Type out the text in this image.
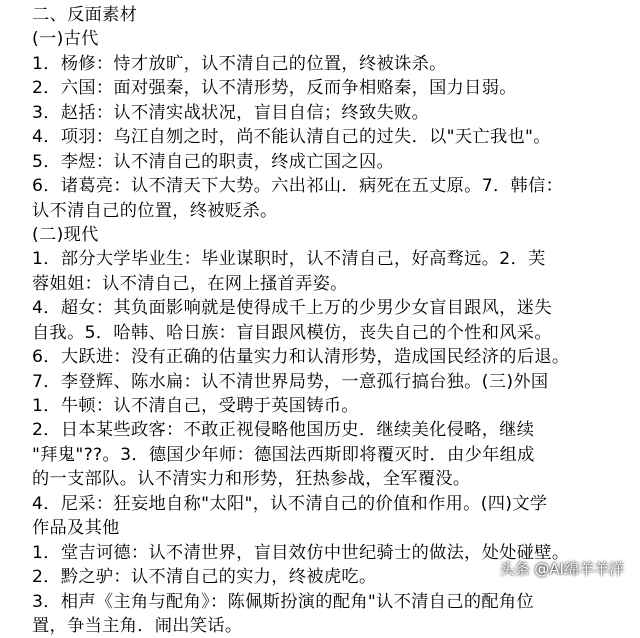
二、反面素材
(一)古代
1．杨修：恃才放旷，认不清自己的位置，终被诛杀。
2．六国：面对强秦，认不清形势，反而争相赂秦，国力日弱。
3．赵括：认不清实战状况，盲目自信；终致失败。
4．项羽：乌江自刎之时，尚不能认清自己的过失．以"天亡我也"。
5．李煜：认不清自己的职责，终成亡国之囚。
6．诸葛亮：认不清天下大势。六出祁山．病死在五丈原。7．韩信：
认不清自己的位置，终被贬杀。
(二)现代
1．部分大学毕业生：毕业谋职时，认不清自己，好高骛远。2．芙
蓉姐姐：认不清自己，在网上搔首弄姿。
4．超女：其负面影响就是使得成千上万的少男少女盲目跟风，迷失
自我。5．哈韩、哈日族：盲目跟风模仿，丧失自己的个性和风采。
6．大跃进：没有正确的估量实力和认清形势，造成国民经济的后退。
7．李登辉、陈水扁：认不清世界局势，一意孤行搞台独。(三)外国
1．牛顿：认不清自己，受聘于英国铸币。
2．日本某些政客：不敢正视侵略他国历史．继续美化侵略，继续
"拜鬼"??。3．德国少年师：德国法西斯即将覆灭时．由少年组成
的一支部队。认不清实力和形势，狂热参战，全军覆没。
4．尼采：狂妄地自称"太阳"，认不清自己的价值和作用。(四)文学
作品及其他
1．堂吉诃德：认不清世界，盲目效仿中世纪骑士的做法，处处碰壁。
2．黔之驴：认不清自己的实力，终被虎吃。
3．相声《主角与配角》：陈佩斯扮演的配角"认不清自己的配角位
置，争当主角．闹出笑话。
头条 @AI绵羊羊洋
